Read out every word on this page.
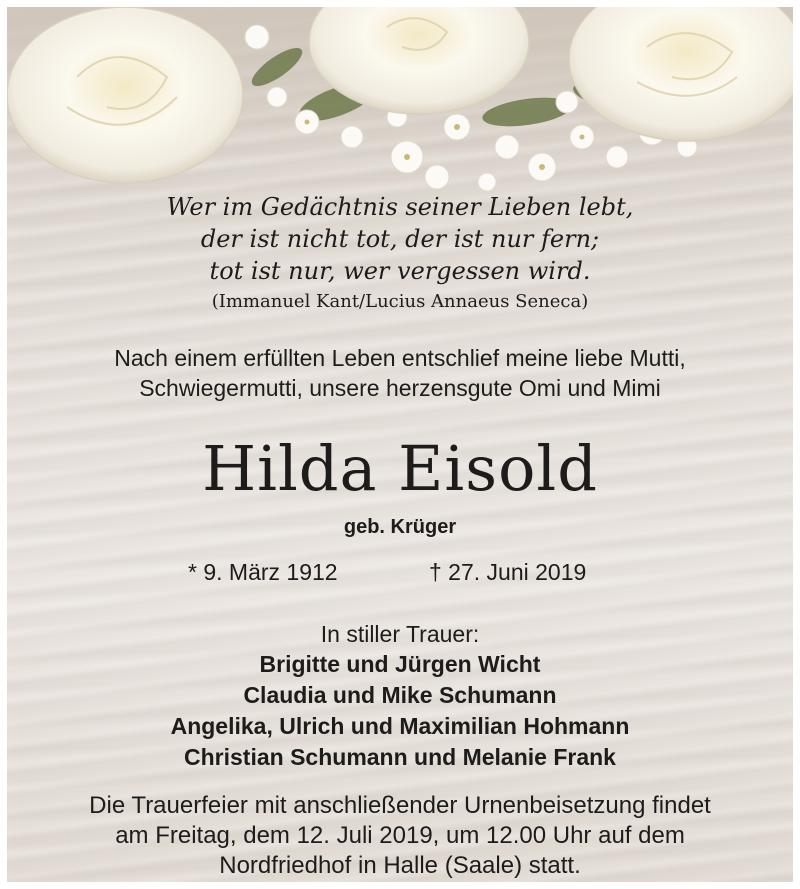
Wer im Gedächtnis seiner Lieben lebt,
der ist nicht tot, der ist nur fern;
tot ist nur, wer vergessen wird.
(Immanuel Kant/Lucius Annaeus Seneca)
Nach einem erfüllten Leben entschlief meine liebe Mutti,
Schwiegermutti, unsere herzensgute Omi und Mimi
Hilda Eisold
geb. Krüger
* 9. März 1912	† 27. Juni 2019
In stiller Trauer:
Brigitte und Jürgen Wicht
Claudia und Mike Schumann
Angelika, Ulrich und Maximilian Hohmann
Christian Schumann und Melanie Frank
Die Trauerfeier mit anschließender Urnenbeisetzung findet
am Freitag, dem 12. Juli 2019, um 12.00 Uhr auf dem
Nordfriedhof in Halle (Saale) statt.
